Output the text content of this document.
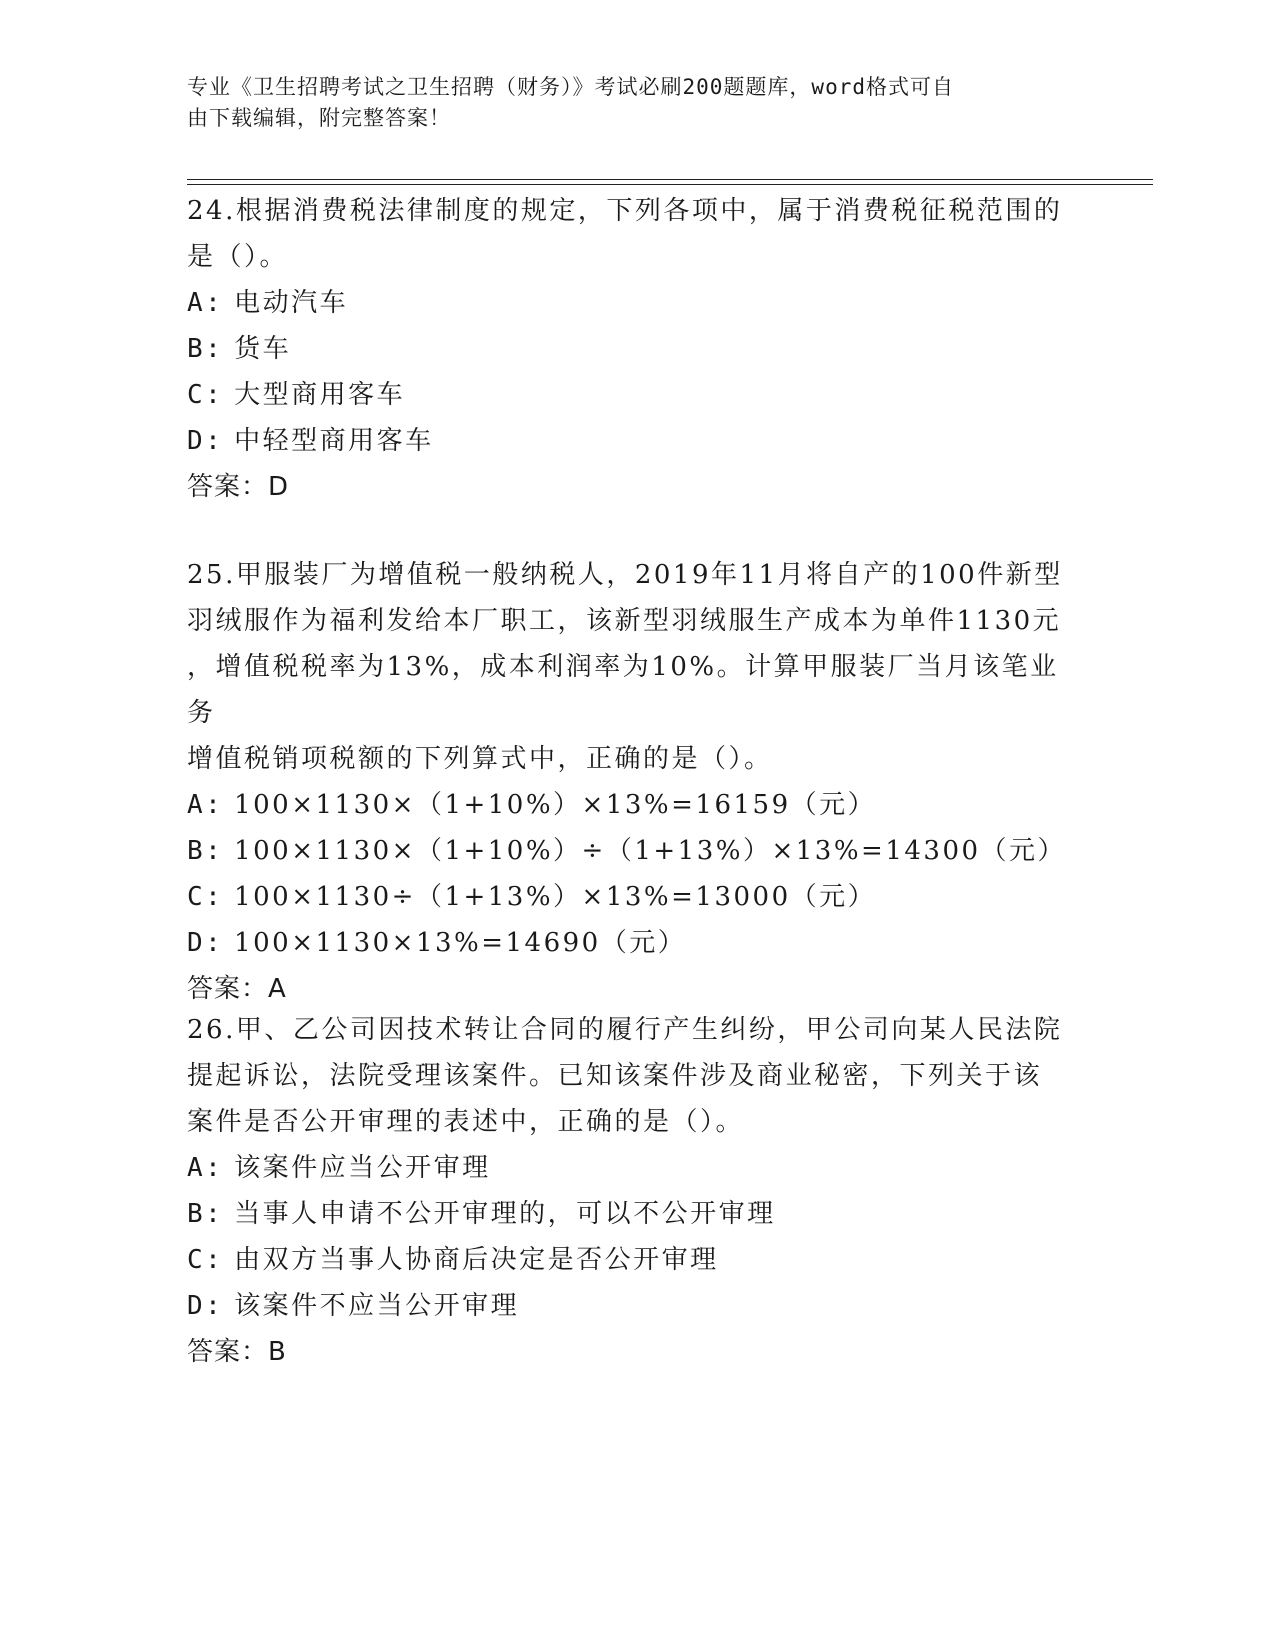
专业《卫生招聘考试之卫生招聘（财务）》考试必刷200题题库，word格式可自
由下载编辑，附完整答案！

24.根据消费税法律制度的规定，下列各项中，属于消费税征税范围的

是（）。

A: 电动汽车

B: 货车

C: 大型商用客车

D: 中轻型商用客车

答案：D

25.甲服装厂为增值税一般纳税人，2019年11月将自产的100件新型

羽绒服作为福利发给本厂职工，该新型羽绒服生产成本为单件1130元

，增值税税率为13%，成本利润率为10%。计算甲服装厂当月该笔业务

增值税销项税额的下列算式中，正确的是（）。

A: 100×1130×（1+10%）×13%=16159（元）

B: 100×1130×（1+10%）÷（1+13%）×13%=14300（元）

C: 100×1130÷（1+13%）×13%=13000（元）

D: 100×1130×13%=14690（元）

答案：A

26.甲、乙公司因技术转让合同的履行产生纠纷，甲公司向某人民法院

提起诉讼，法院受理该案件。已知该案件涉及商业秘密，下列关于该

案件是否公开审理的表述中，正确的是（）。

A: 该案件应当公开审理

B: 当事人申请不公开审理的，可以不公开审理

C: 由双方当事人协商后决定是否公开审理

D: 该案件不应当公开审理

答案：B
